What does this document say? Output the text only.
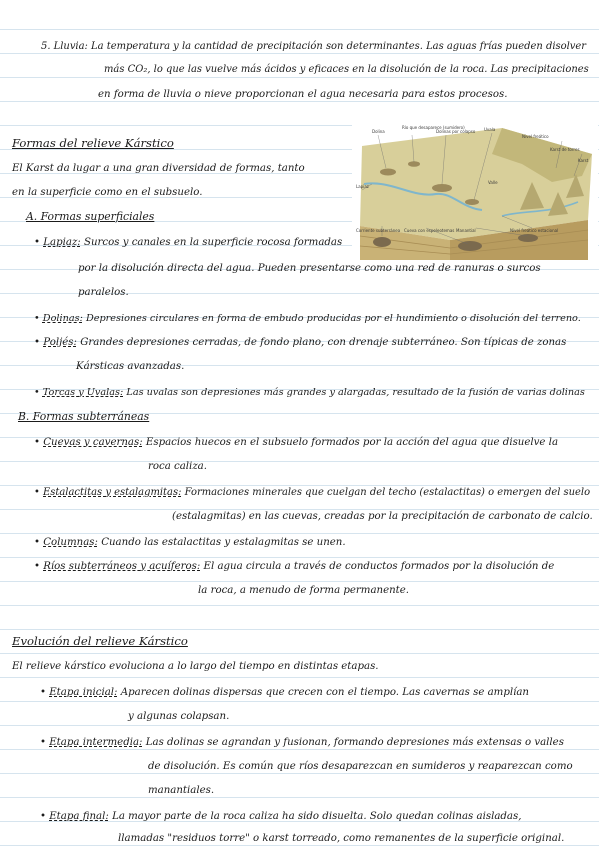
5. Lluvia: La temperatura y la cantidad de precipitación son determinantes. Las aguas frías pueden disolver
más CO₂, lo que las vuelve más ácidos y eficaces en la disolución de la roca. Las precipitaciones
en forma de lluvia o nieve proporcionan el agua necesaria para estos procesos.
Formas del relieve Kárstico
El Karst da lugar a una gran diversidad de formas, tanto
en la superficie como en el subsuelo.
A. Formas superficiales
Dolina
Río que desaparece (sumidero)
Dolinas por colapso Uvala
Nivel freático
Karst de torres
Lapiaz
Karst
Valle
Corriente subterránea Cueva con espeleotemas Manantial	Nivel freático estacional
• Lapiaz: Surcos y canales en la superficie rocosa formadas
por la disolución directa del agua. Pueden presentarse como una red de ranuras o surcos
paralelos.
• Dolinas: Depresiones circulares en forma de embudo producidas por el hundimiento o disolución del terreno.
• Poljés: Grandes depresiones cerradas, de fondo plano, con drenaje subterráneo. Son típicas de zonas
Kársticas avanzadas.
• Torcas y Uvalas: Las uvalas son depresiones más grandes y alargadas, resultado de la fusión de varias dolinas
B. Formas subterráneas
• Cuevas y cavernas: Espacios huecos en el subsuelo formados por la acción del agua que disuelve la
roca caliza.
• Estalactitas y estalagmitas: Formaciones minerales que cuelgan del techo (estalactitas) o emergen del suelo
(estalagmitas) en las cuevas, creadas por la precipitación de carbonato de calcio.
• Columnas: Cuando las estalactitas y estalagmitas se unen.
• Ríos subterráneos y acuíferos: El agua circula a través de conductos formados por la disolución de
la roca, a menudo de forma permanente.
Evolución del relieve Kárstico
El relieve kárstico evoluciona a lo largo del tiempo en distintas etapas.
• Etapa inicial: Aparecen dolinas dispersas que crecen con el tiempo. Las cavernas se amplían
y algunas colapsan.
• Etapa intermedia: Las dolinas se agrandan y fusionan, formando depresiones más extensas o valles
de disolución. Es común que ríos desaparezcan en sumideros y reaparezcan como
manantiales.
• Etapa final: La mayor parte de la roca caliza ha sido disuelta. Solo quedan colinas aisladas,
llamadas "residuos torre" o karst torreado, como remanentes de la superficie original.
